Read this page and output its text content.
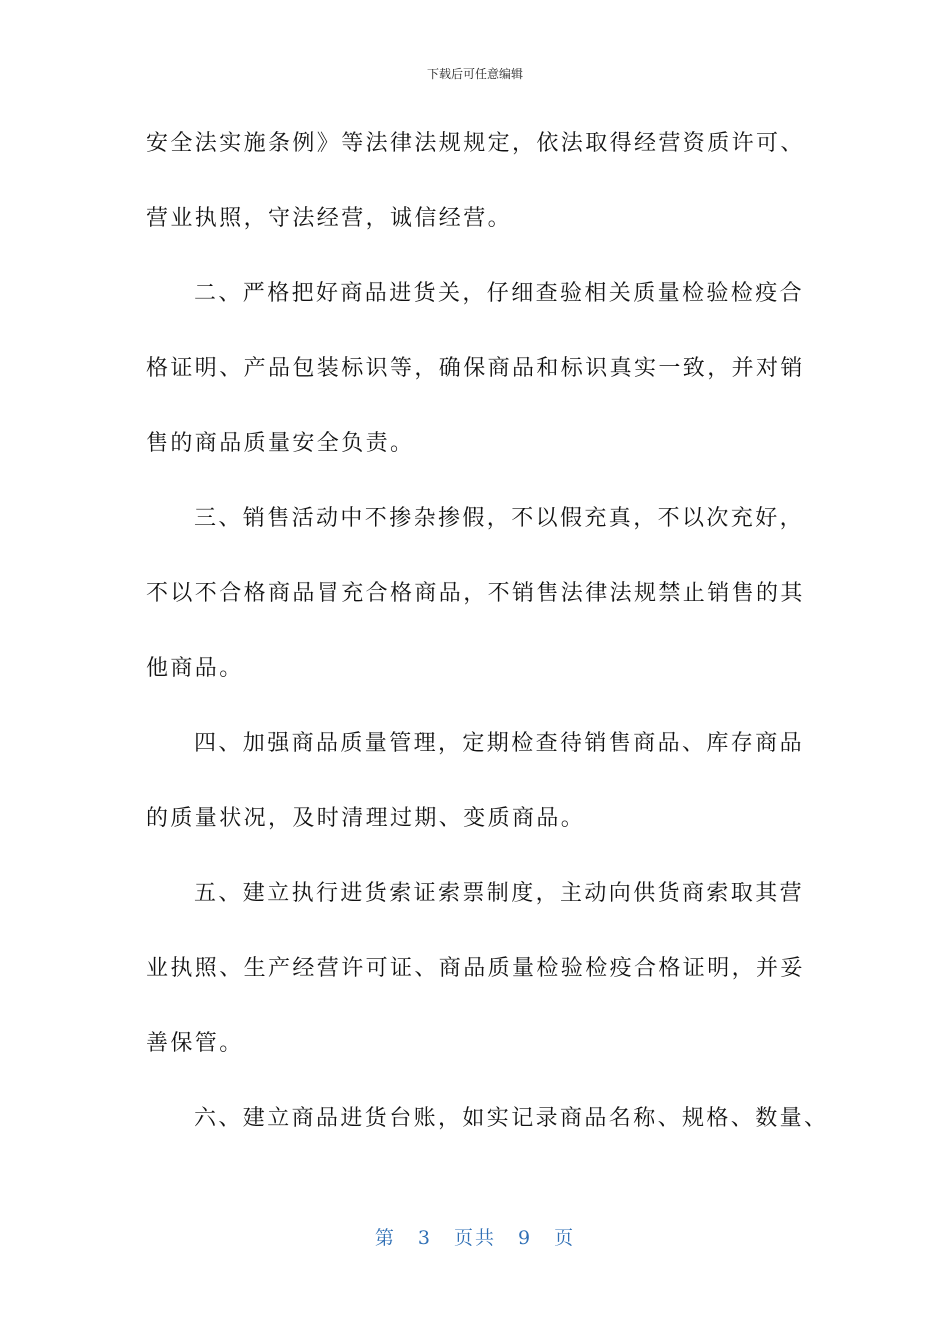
下载后可任意编辑
安全法实施条例》等法律法规规定，依法取得经营资质许可、
营业执照，守法经营，诚信经营。
二、严格把好商品进货关，仔细查验相关质量检验检疫合
格证明、产品包装标识等，确保商品和标识真实一致，并对销
售的商品质量安全负责。
三、销售活动中不掺杂掺假，不以假充真，不以次充好，
不以不合格商品冒充合格商品，不销售法律法规禁止销售的其
他商品。
四、加强商品质量管理，定期检查待销售商品、库存商品
的质量状况，及时清理过期、变质商品。
五、建立执行进货索证索票制度，主动向供货商索取其营
业执照、生产经营许可证、商品质量检验检疫合格证明，并妥
善保管。
六、建立商品进货台账，如实记录商品名称、规格、数量、
第 3 页共 9 页
